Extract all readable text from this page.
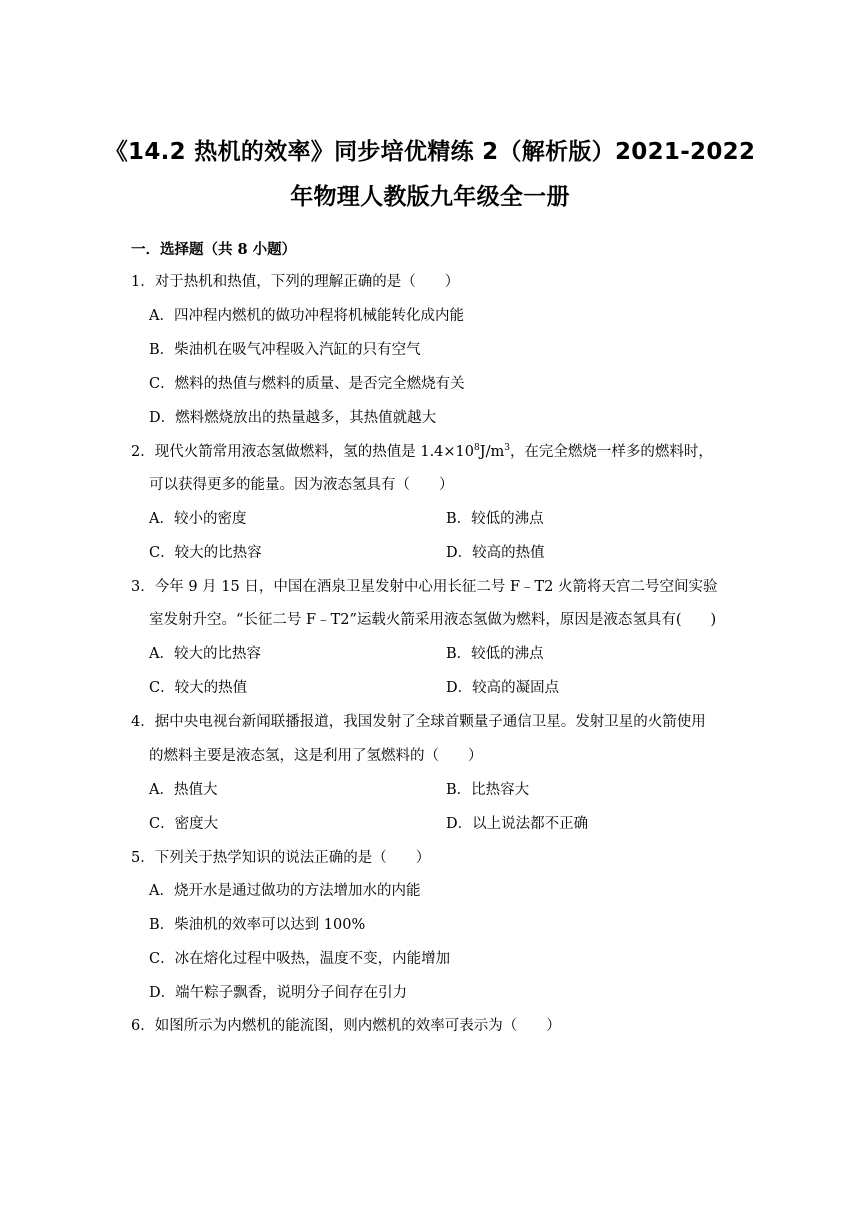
《14.2 热机的效率》同步培优精练 2（解析版）2021-2022
年物理人教版九年级全一册
一．选择题（共 8 小题）
1．对于热机和热值，下列的理解正确的是（　　）
A．四冲程内燃机的做功冲程将机械能转化成内能
B．柴油机在吸气冲程吸入汽缸的只有空气
C．燃料的热值与燃料的质量、是否完全燃烧有关
D．燃料燃烧放出的热量越多，其热值就越大
2．现代火箭常用液态氢做燃料，氢的热值是 $1.4\times 10^8J/m^3$，在完全燃烧一样多的燃料时，
可以获得更多的能量。因为液态氢具有（　　）
A．较小的密度	B．较低的沸点
C．较大的比热容	D．较高的热值
3．今年 9 月 15 日，中国在酒泉卫星发射中心用长征二号 F﹣T2 火箭将天宫二号空间实验
室发射升空。“长征二号 F﹣T2”运载火箭采用液态氢做为燃料，原因是液态氢具有(　　)
A．较大的比热容	B．较低的沸点
C．较大的热值	D．较高的凝固点
4．据中央电视台新闻联播报道，我国发射了全球首颗量子通信卫星。发射卫星的火箭使用
的燃料主要是液态氢，这是利用了氢燃料的（　　）
A．热值大	B．比热容大
C．密度大	D．以上说法都不正确
5．下列关于热学知识的说法正确的是（　　）
A．烧开水是通过做功的方法增加水的内能
B．柴油机的效率可以达到 100%
C．冰在熔化过程中吸热，温度不变，内能增加
D．端午粽子飘香，说明分子间存在引力
6．如图所示为内燃机的能流图，则内燃机的效率可表示为（　　）
